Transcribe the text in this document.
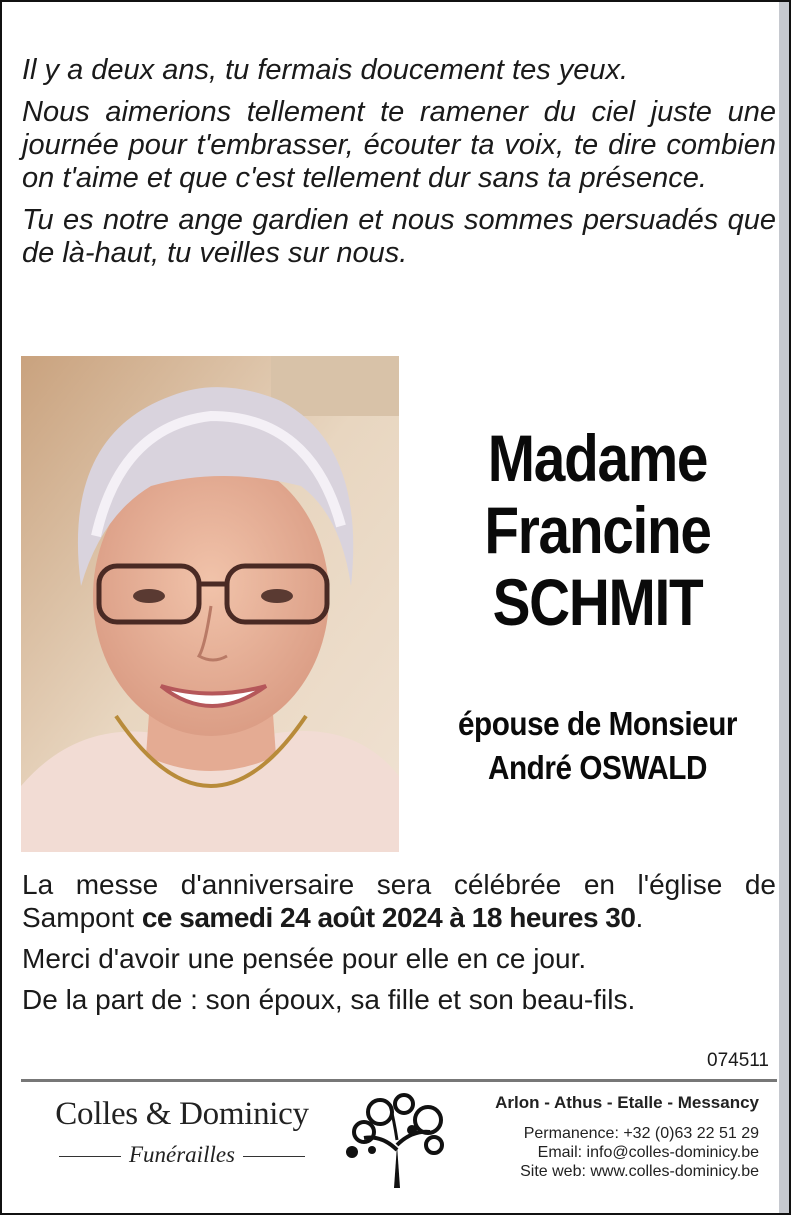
Il y a deux ans, tu fermais doucement tes yeux.

Nous aimerions tellement te ramener du ciel juste une journée pour t'embrasser, écouter ta voix, te dire combien on t'aime et que c'est tellement dur sans ta présence.

Tu es notre ange gardien et nous sommes persuadés que de là-haut, tu veilles sur nous.

Madame
Francine
SCHMIT
épouse de Monsieur
André OSWALD

La messe d'anniversaire sera célébrée en l'église de Sampont ce samedi 24 août 2024 à 18 heures 30.

Merci d'avoir une pensée pour elle en ce jour.

De la part de : son époux, sa fille et son beau-fils.

074511
Colles & Dominicy
Funérailles
Arlon - Athus - Etalle - Messancy
Permanence: +32 (0)63 22 51 29
Email: info@colles-dominicy.be
Site web: www.colles-dominicy.be
